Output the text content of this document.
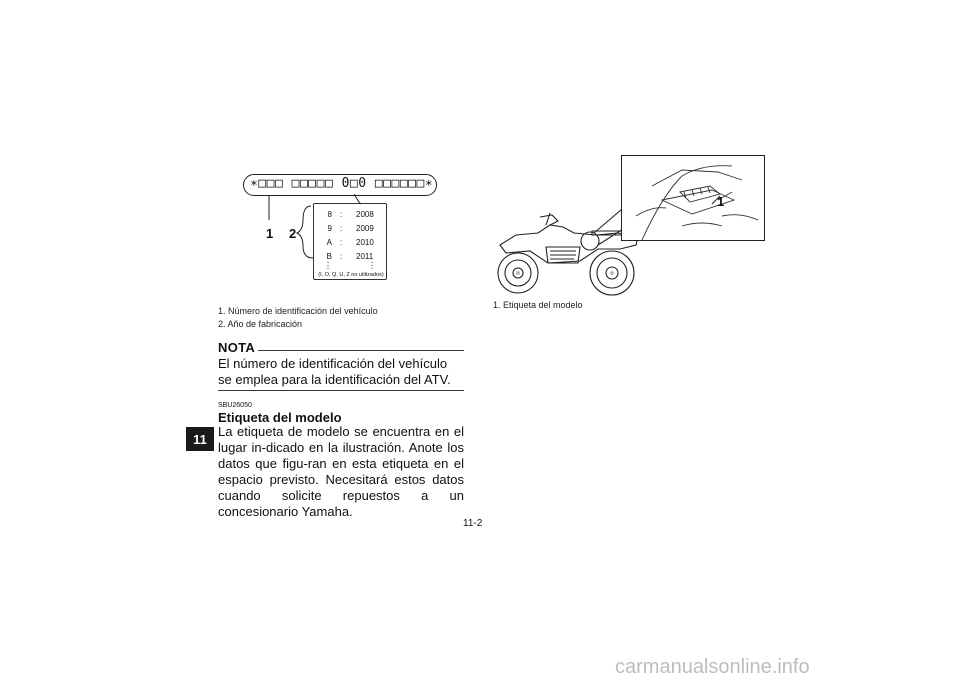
∗□□□ □□□□□ 0□0 □□□□□□∗
1 2
8 : 2008
9 : 2009
A : 2010
B : 2011
⋮	⋮
(I, O, Q, U, Z no utilizados)
1. Número de identificación del vehículo
2. Año de fabricación
NOTA
El número de identificación del vehículo se emplea para la identificación del ATV.
SBU26050
Etiqueta del modelo
La etiqueta de modelo se encuentra en el lugar in-dicado en la ilustración. Anote los datos que figu-ran en esta etiqueta en el espacio previsto. Necesitará estos datos cuando solicite repuestos a un concesionario Yamaha.
11
1
1. Etiqueta del modelo
11-2
carmanualsonline.info
